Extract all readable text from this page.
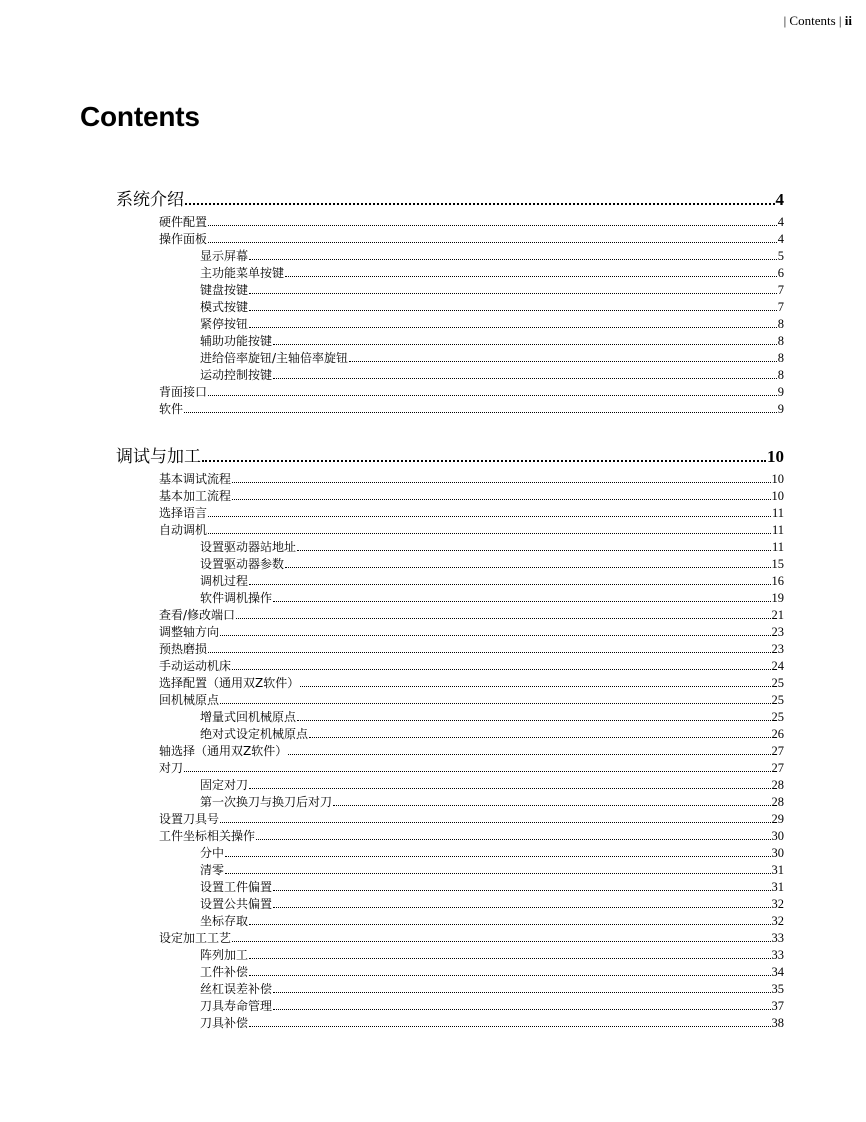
| Contents | ii
Contents
系统介绍	4
硬件配置	4
操作面板	4
显示屏幕	5
主功能菜单按键	6
键盘按键	7
模式按键	7
紧停按钮	8
辅助功能按键	8
进给倍率旋钮/主轴倍率旋钮	8
运动控制按键	8
背面接口	9
软件	9
调试与加工	10
基本调试流程	10
基本加工流程	10
选择语言	11
自动调机	11
设置驱动器站地址	11
设置驱动器参数	15
调机过程	16
软件调机操作	19
查看/修改端口	21
调整轴方向	23
预热磨损	23
手动运动机床	24
选择配置（通用双Z软件）	25
回机械原点	25
增量式回机械原点	25
绝对式设定机械原点	26
轴选择（通用双Z软件）	27
对刀	27
固定对刀	28
第一次换刀与换刀后对刀	28
设置刀具号	29
工件坐标相关操作	30
分中	30
清零	31
设置工件偏置	31
设置公共偏置	32
坐标存取	32
设定加工工艺	33
阵列加工	33
工件补偿	34
丝杠误差补偿	35
刀具寿命管理	37
刀具补偿	38
